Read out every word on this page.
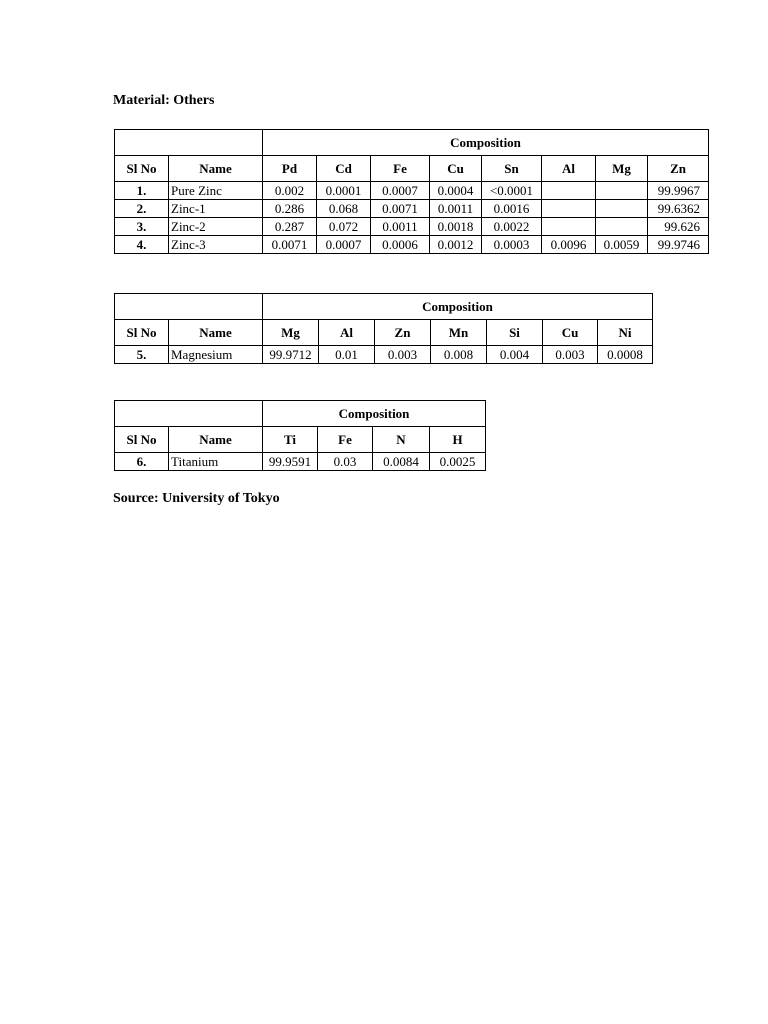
Material: Others
		Composition							
Sl No	Name	Pd	Cd	Fe	Cu	Sn	Al	Mg	Zn
1.	Pure Zinc	0.002	0.0001	0.0007	0.0004	<0.0001			99.9967
2.	Zinc-1	0.286	0.068	0.0071	0.0011	0.0016			99.6362
3.	Zinc-2	0.287	0.072	0.0011	0.0018	0.0022			99.626
4.	Zinc-3	0.0071	0.0007	0.0006	0.0012	0.0003	0.0096	0.0059	99.9746
		Composition						
Sl No	Name	Mg	Al	Zn	Mn	Si	Cu	Ni
5.	Magnesium	99.9712	0.01	0.003	0.008	0.004	0.003	0.0008
		Composition			
Sl No	Name	Ti	Fe	N	H
6.	Titanium	99.9591	0.03	0.0084	0.0025
Source: University of Tokyo
